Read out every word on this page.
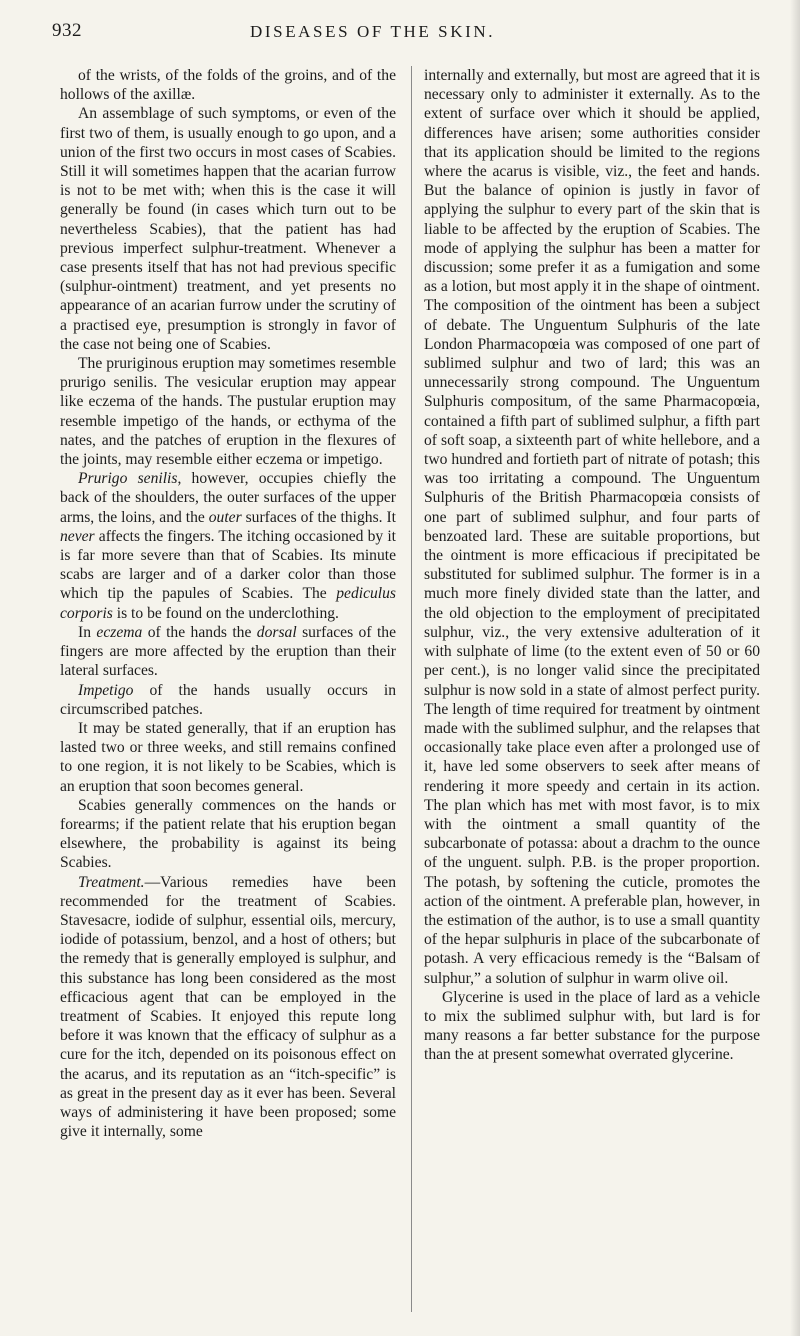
932	DISEASES OF THE SKIN.

of the wrists, of the folds of the groins, and of the hollows of the axillæ.

An assemblage of such symptoms, or even of the first two of them, is usually enough to go upon, and a union of the first two occurs in most cases of Scabies. Still it will sometimes happen that the acarian furrow is not to be met with; when this is the case it will generally be found (in cases which turn out to be nevertheless Scabies), that the patient has had previous imperfect sulphur-treatment. Whenever a case presents itself that has not had previous specific (sulphur-ointment) treatment, and yet presents no appearance of an acarian furrow under the scrutiny of a practised eye, presumption is strongly in favor of the case not being one of Scabies.

The pruriginous eruption may sometimes resemble prurigo senilis. The vesicular eruption may appear like eczema of the hands. The pustular eruption may resemble impetigo of the hands, or ecthyma of the nates, and the patches of eruption in the flexures of the joints, may resemble either eczema or impetigo.

Prurigo senilis, however, occupies chiefly the back of the shoulders, the outer surfaces of the upper arms, the loins, and the outer surfaces of the thighs. It never affects the fingers. The itching occasioned by it is far more severe than that of Scabies. Its minute scabs are larger and of a darker color than those which tip the papules of Scabies. The pediculus corporis is to be found on the underclothing.

In eczema of the hands the dorsal surfaces of the fingers are more affected by the eruption than their lateral surfaces.

Impetigo of the hands usually occurs in circumscribed patches.

It may be stated generally, that if an eruption has lasted two or three weeks, and still remains confined to one region, it is not likely to be Scabies, which is an eruption that soon becomes general.

Scabies generally commences on the hands or forearms; if the patient relate that his eruption began elsewhere, the probability is against its being Scabies.

Treatment.—Various remedies have been recommended for the treatment of Scabies. Stavesacre, iodide of sulphur, essential oils, mercury, iodide of potassium, benzol, and a host of others; but the remedy that is generally employed is sulphur, and this substance has long been considered as the most efficacious agent that can be employed in the treatment of Scabies. It enjoyed this repute long before it was known that the efficacy of sulphur as a cure for the itch, depended on its poisonous effect on the acarus, and its reputation as an “itch-specific” is as great in the present day as it ever has been. Several ways of administering it have been proposed; some give it internally, some

internally and externally, but most are agreed that it is necessary only to administer it externally. As to the extent of surface over which it should be applied, differences have arisen; some authorities consider that its application should be limited to the regions where the acarus is visible, viz., the feet and hands. But the balance of opinion is justly in favor of applying the sulphur to every part of the skin that is liable to be affected by the eruption of Scabies. The mode of applying the sulphur has been a matter for discussion; some prefer it as a fumigation and some as a lotion, but most apply it in the shape of ointment. The composition of the ointment has been a subject of debate. The Unguentum Sulphuris of the late London Pharmacopœia was composed of one part of sublimed sulphur and two of lard; this was an unnecessarily strong compound. The Unguentum Sulphuris compositum, of the same Pharmacopœia, contained a fifth part of sublimed sulphur, a fifth part of soft soap, a sixteenth part of white hellebore, and a two hundred and fortieth part of nitrate of potash; this was too irritating a compound. The Unguentum Sulphuris of the British Pharmacopœia consists of one part of sublimed sulphur, and four parts of benzoated lard. These are suitable proportions, but the ointment is more efficacious if precipitated be substituted for sublimed sulphur. The former is in a much more finely divided state than the latter, and the old objection to the employment of precipitated sulphur, viz., the very extensive adulteration of it with sulphate of lime (to the extent even of 50 or 60 per cent.), is no longer valid since the precipitated sulphur is now sold in a state of almost perfect purity. The length of time required for treatment by ointment made with the sublimed sulphur, and the relapses that occasionally take place even after a prolonged use of it, have led some observers to seek after means of rendering it more speedy and certain in its action. The plan which has met with most favor, is to mix with the ointment a small quantity of the subcarbonate of potassa: about a drachm to the ounce of the unguent. sulph. P.B. is the proper proportion. The potash, by softening the cuticle, promotes the action of the ointment. A preferable plan, however, in the estimation of the author, is to use a small quantity of the hepar sulphuris in place of the subcarbonate of potash. A very efficacious remedy is the “Balsam of sulphur,” a solution of sulphur in warm olive oil.

Glycerine is used in the place of lard as a vehicle to mix the sublimed sulphur with, but lard is for many reasons a far better substance for the purpose than the at present somewhat overrated glycerine.
